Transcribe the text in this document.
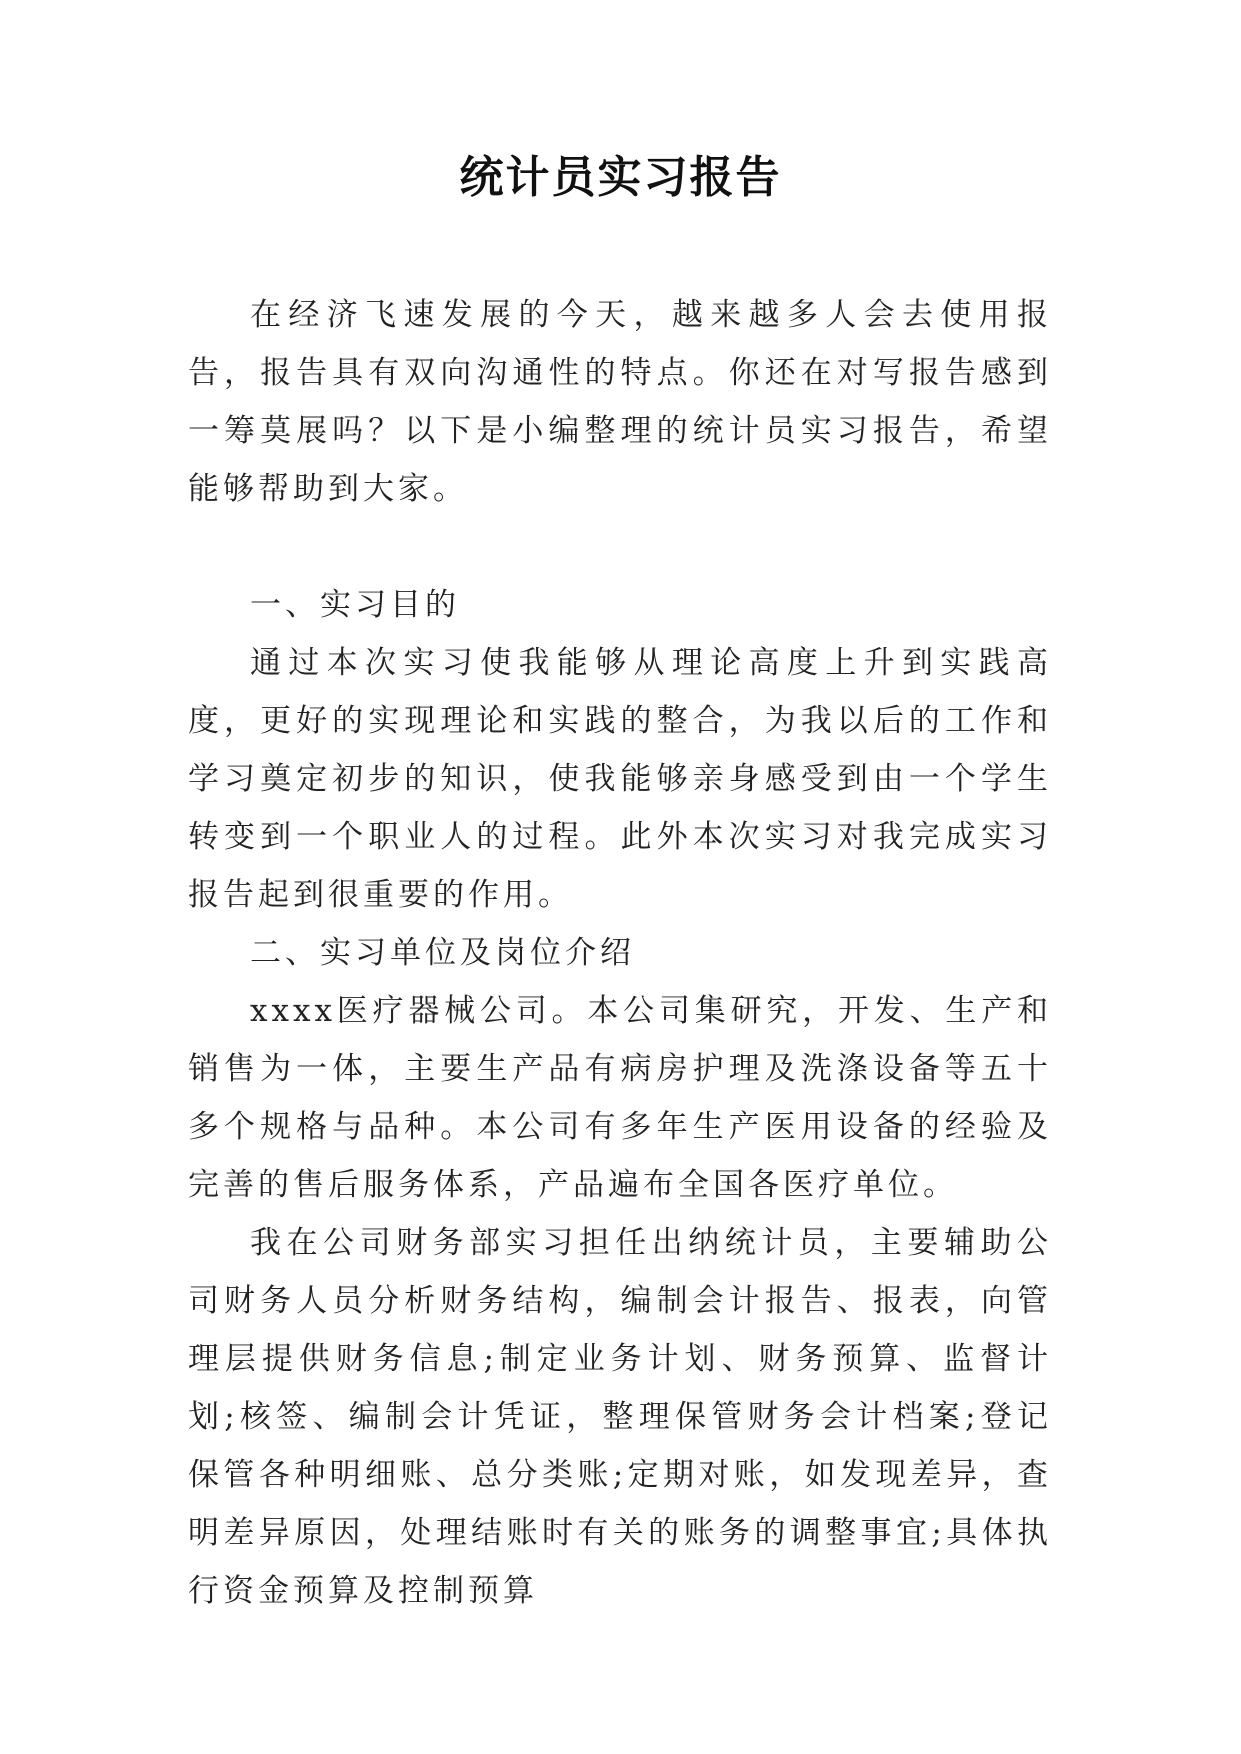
统计员实习报告

在经济飞速发展的今天，越来越多人会去使用报告，报告具有双向沟通性的特点。你还在对写报告感到一筹莫展吗？以下是小编整理的统计员实习报告，希望能够帮助到大家。

一、实习目的

通过本次实习使我能够从理论高度上升到实践高度，更好的实现理论和实践的整合，为我以后的工作和学习奠定初步的知识，使我能够亲身感受到由一个学生转变到一个职业人的过程。此外本次实习对我完成实习报告起到很重要的作用。

二、实习单位及岗位介绍

xxxx医疗器械公司。本公司集研究，开发、生产和销售为一体，主要生产品有病房护理及洗涤设备等五十多个规格与品种。本公司有多年生产医用设备的经验及完善的售后服务体系，产品遍布全国各医疗单位。

我在公司财务部实习担任出纳统计员，主要辅助公司财务人员分析财务结构，编制会计报告、报表，向管理层提供财务信息;制定业务计划、财务预算、监督计划;核签、编制会计凭证，整理保管财务会计档案;登记保管各种明细账、总分类账;定期对账，如发现差异，查明差异原因，处理结账时有关的账务的调整事宜;具体执行资金预算及控制预算
